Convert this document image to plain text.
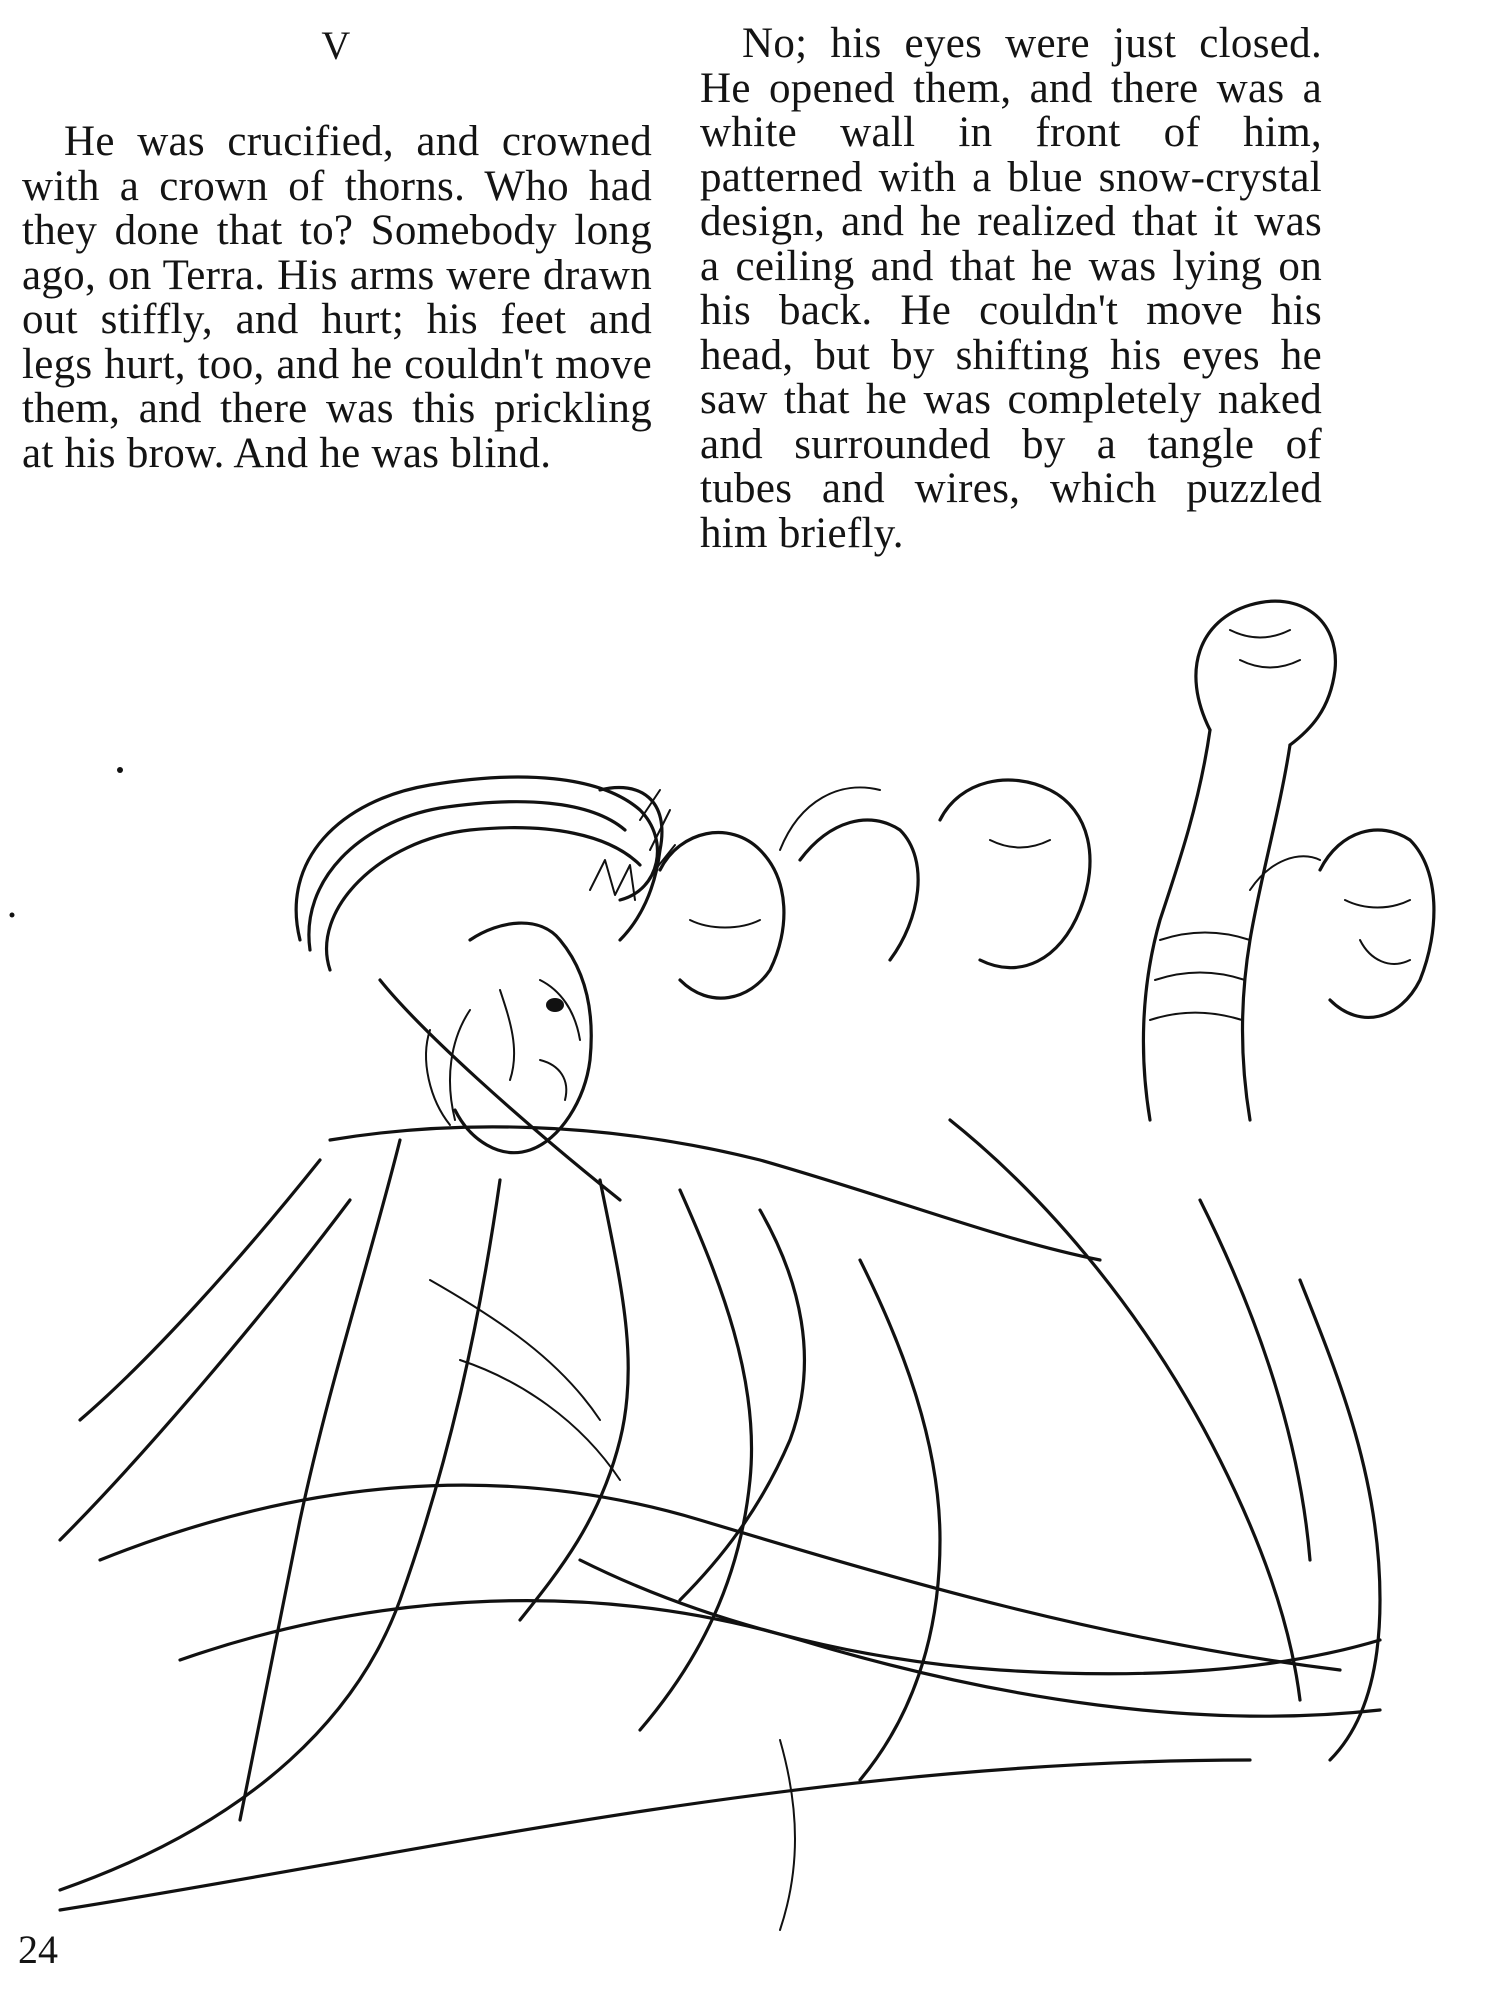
V

He was crucified, and crowned with a crown of thorns. Who had they done that to? Somebody long ago, on Terra. His arms were drawn out stiffly, and hurt; his feet and legs hurt, too, and he couldn't move them, and there was this prickling at his brow. And he was blind.

No; his eyes were just closed. He opened them, and there was a white wall in front of him, patterned with a blue snow-crystal design, and he realized that it was a ceiling and that he was lying on his back. He couldn't move his head, but by shifting his eyes he saw that he was completely naked and surrounded by a tangle of tubes and wires, which puzzled him briefly.

24
